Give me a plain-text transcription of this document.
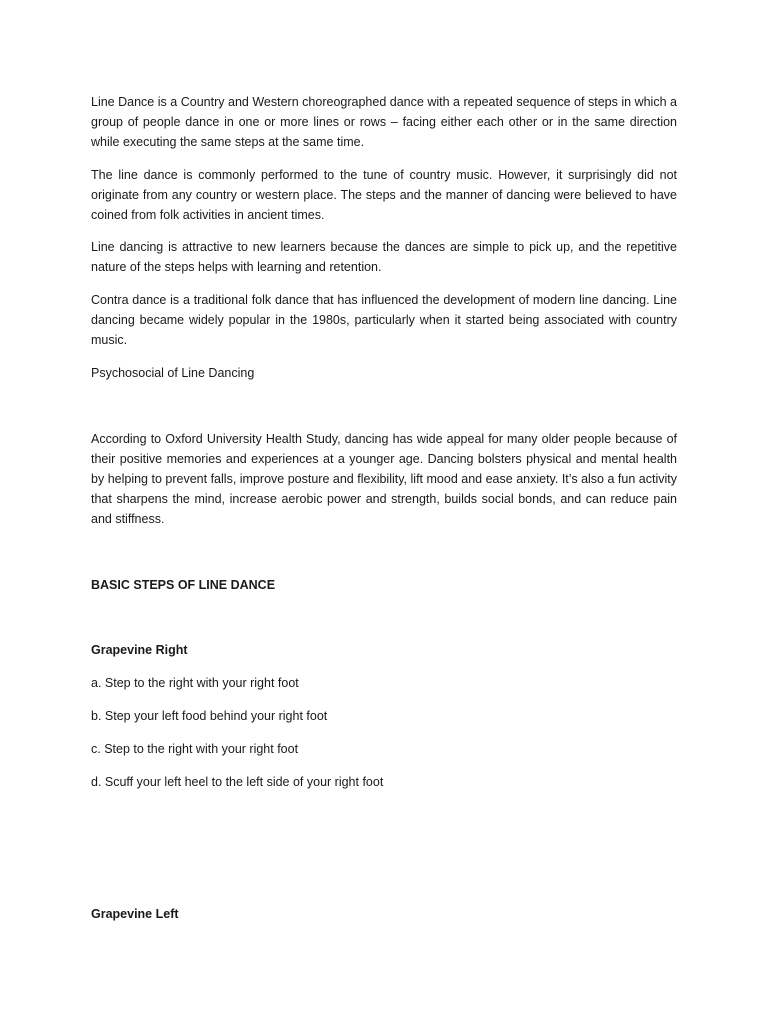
Line Dance is a Country and Western choreographed dance with a repeated sequence of steps in which a group of people dance in one or more lines or rows – facing either each other or in the same direction while executing the same steps at the same time.

The line dance is commonly performed to the tune of country music. However, it surprisingly did not originate from any country or western place. The steps and the manner of dancing were believed to have coined from folk activities in ancient times.

Line dancing is attractive to new learners because the dances are simple to pick up, and the repetitive nature of the steps helps with learning and retention.

Contra dance is a traditional folk dance that has influenced the development of modern line dancing. Line dancing became widely popular in the 1980s, particularly when it started being associated with country music.

Psychosocial of Line Dancing

According to Oxford University Health Study, dancing has wide appeal for many older people because of their positive memories and experiences at a younger age. Dancing bolsters physical and mental health by helping to prevent falls, improve posture and flexibility, lift mood and ease anxiety. It’s also a fun activity that sharpens the mind, increase aerobic power and strength, builds social bonds, and can reduce pain and stiffness.

BASIC STEPS OF LINE DANCE

Grapevine Right

a. Step to the right with your right foot

b. Step your left food behind your right foot

c. Step to the right with your right foot

d. Scuff your left heel to the left side of your right foot

Grapevine Left
